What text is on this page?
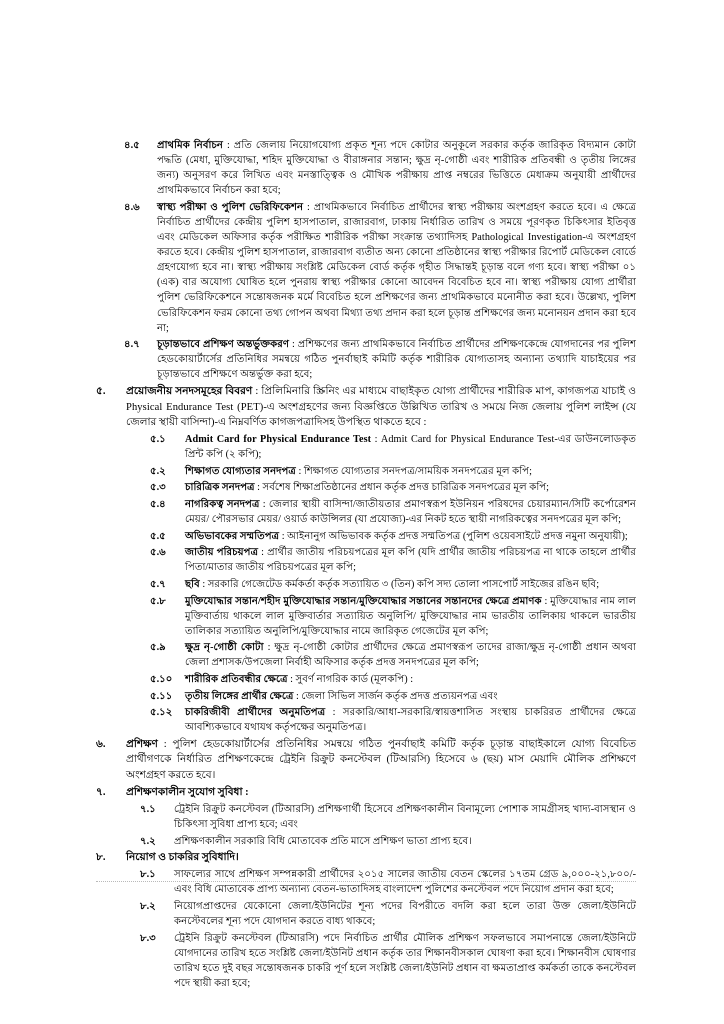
৪.৫	প্রাথমিক নির্বাচন : প্রতি জেলায় নিয়োগযোগ্য প্রকৃত শূন্য পদে কোটার অনুকূলে সরকার কর্তৃক জারিকৃত বিদ্যমান কোটা পদ্ধতি (মেধা, মুক্তিযোদ্ধা, শহিদ মুক্তিযোদ্ধা ও বীরাঙ্গনার সন্তান; ক্ষুদ্র নৃ-গোষ্ঠী এবং শারীরিক প্রতিবন্ধী ও তৃতীয় লিঙ্গের জন্য) অনুসরণ করে লিখিত এবং মনস্তাত্ত্বিক ও মৌখিক পরীক্ষায় প্রাপ্ত নম্বরের ভিত্তিতে মেধাক্রম অনুযায়ী প্রার্থীদের প্রাথমিকভাবে নির্বাচন করা হবে;
৪.৬	স্বাস্থ্য পরীক্ষা ও পুলিশ ভেরিফিকেশন : প্রাথমিকভাবে নির্বাচিত প্রার্থীদের স্বাস্থ্য পরীক্ষায় অংশগ্রহণ করতে হবে। এ ক্ষেত্রে নির্বাচিত প্রার্থীদের কেন্দ্রীয় পুলিশ হাসপাতাল, রাজারবাগ, ঢাকায় নির্ধারিত তারিখ ও সময়ে পূরণকৃত চিকিৎসার ইতিবৃত্ত এবং মেডিকেল অফিসার কর্তৃক পরীক্ষিত শারীরিক পরীক্ষা সংক্রান্ত তথ্যাদিসহ Pathological Investigation-এ অংশগ্রহণ করতে হবে। কেন্দ্রীয় পুলিশ হাসপাতাল, রাজারবাগ ব্যতীত অন্য কোনো প্রতিষ্ঠানের স্বাস্থ্য পরীক্ষার রিপোর্ট মেডিকেল বোর্ডে গ্রহণযোগ্য হবে না। স্বাস্থ্য পরীক্ষায় সংশ্লিষ্ট মেডিকেল বোর্ড কর্তৃক গৃহীত সিদ্ধান্তই চূড়ান্ত বলে গণ্য হবে। স্বাস্থ্য পরীক্ষা ০১ (এক) বার অযোগ্য ঘোষিত হলে পুনরায় স্বাস্থ্য পরীক্ষার কোনো আবেদন বিবেচিত হবে না। স্বাস্থ্য পরীক্ষায় যোগ্য প্রার্থীরা পুলিশ ভেরিফিকেশনে সন্তোষজনক মর্মে বিবেচিত হলে প্রশিক্ষণের জন্য প্রাথমিকভাবে মনোনীত করা হবে। উল্লেখ্য, পুলিশ ভেরিফিকেশন ফরম কোনো তথ্য গোপন অথবা মিথ্যা তথ্য প্রদান করা হলে চূড়ান্ত প্রশিক্ষণের জন্য মনোনয়ন প্রদান করা হবে না;
৪.৭	চূড়ান্তভাবে প্রশিক্ষণ অন্তর্ভুক্তকরণ : প্রশিক্ষণের জন্য প্রাথমিকভাবে নির্বাচিত প্রার্থীদের প্রশিক্ষণকেন্দ্রে যোগদানের পর পুলিশ হেডকোয়ার্টার্সের প্রতিনিধির সমন্বয়ে গঠিত পুনর্বাছাই কমিটি কর্তৃক শারীরিক যোগ্যতাসহ অন্যান্য তথ্যাদি যাচাইয়ের পর চূড়ান্তভাবে প্রশিক্ষণে অন্তর্ভুক্ত করা হবে;
৫.	প্রয়োজনীয় সনদসমূহের বিবরণ : প্রিলিমিনারি স্ক্রিনিং এর মাধ্যমে বাছাইকৃত যোগ্য প্রার্থীদের শারীরিক মাপ, কাগজপত্র যাচাই ও Physical Endurance Test (PET)-এ অংশগ্রহণের জন্য বিজ্ঞপ্তিতে উল্লিখিত তারিখ ও সময়ে নিজ জেলায় পুলিশ লাইন্স (যে জেলার স্থায়ী বাসিন্দা)-এ নিম্নবর্ণিত কাগজপত্রাদিসহ উপস্থিত থাকতে হবে :
৫.১	Admit Card for Physical Endurance Test : Admit Card for Physical Endurance Test-এর ডাউনলোডকৃত প্রিন্ট কপি (২ কপি);
৫.২	শিক্ষাগত যোগ্যতার সনদপত্র : শিক্ষাগত যোগ্যতার সনদপত্র/সাময়িক সনদপত্রের মূল কপি;
৫.৩	চারিত্রিক সনদপত্র : সর্বশেষ শিক্ষাপ্রতিষ্ঠানের প্রধান কর্তৃক প্রদত্ত চারিত্রিক সনদপত্রের মূল কপি;
৫.৪	নাগরিকত্ব সনদপত্র : জেলার স্থায়ী বাসিন্দা/জাতীয়তার প্রমাণস্বরূপ ইউনিয়ন পরিষদের চেয়ারম্যান/সিটি কর্পোরেশন মেয়র/ পৌরসভার মেয়র/ ওয়ার্ড কাউন্সিলর (যা প্রযোজ্য)-এর নিকট হতে স্থায়ী নাগরিকত্বের সনদপত্রের মূল কপি;
৫.৫	অভিভাবকের সম্মতিপত্র : আইনানুগ অভিভাবক কর্তৃক প্রদত্ত সম্মতিপত্র (পুলিশ ওয়েবসাইটে প্রদত্ত নমুনা অনুযায়ী);
৫.৬	জাতীয় পরিচয়পত্র : প্রার্থীর জাতীয় পরিচয়পত্রের মূল কপি (যদি প্রার্থীর জাতীয় পরিচয়পত্র না থাকে তাহলে প্রার্থীর পিতা/মাতার জাতীয় পরিচয়পত্রের মূল কপি;
৫.৭	ছবি : সরকারি গেজেটেড কর্মকর্তা কর্তৃক সত্যায়িত ৩ (তিন) কপি সদ্য তোলা পাসপোর্ট সাইজের রঙিন ছবি;
৫.৮	মুক্তিযোদ্ধার সন্তান/শহীদ মুক্তিযোদ্ধার সন্তান/মুক্তিযোদ্ধার সন্তানের সন্তানদের ক্ষেত্রে প্রমাণক : মুক্তিযোদ্ধার নাম লাল মুক্তিবার্তায় থাকলে লাল মুক্তিবার্তার সত্যায়িত অনুলিপি/ মুক্তিযোদ্ধার নাম ভারতীয় তালিকায় থাকলে ভারতীয় তালিকার সত্যায়িত অনুলিপি/মুক্তিযোদ্ধার নামে জারিকৃত গেজেটের মূল কপি;
৫.৯	ক্ষুদ্র নৃ-গোষ্ঠী কোটা : ক্ষুদ্র নৃ-গোষ্ঠী কোটার প্রার্থীদের ক্ষেত্রে প্রমাণস্বরূপ তাদের রাজা/ক্ষুদ্র নৃ-গোষ্ঠী প্রধান অথবা জেলা প্রশাসক/উপজেলা নির্বাহী অফিসার কর্তৃক প্রদত্ত সনদপত্রের মূল কপি;
৫.১০	শারীরিক প্রতিবন্ধীর ক্ষেত্রে : সুবর্ণ নাগরিক কার্ড (মূলকপি) :
৫.১১	তৃতীয় লিঙ্গের প্রার্থীর ক্ষেত্রে : জেলা সিভিল সার্জন কর্তৃক প্রদত্ত প্রত্যয়নপত্র এবং
৫.১২	চাকরিজীবী প্রার্থীদের অনুমতিপত্র : সরকারি/আধা-সরকারি/স্বায়ত্তশাসিত সংস্থায় চাকরিরত প্রার্থীদের ক্ষেত্রে আবশ্যিকভাবে যথাযথ কর্তৃপক্ষের অনুমতিপত্র।
৬.	প্রশিক্ষণ : পুলিশ হেডকোয়ার্টার্সের প্রতিনিধির সমন্বয়ে গঠিত পুনর্বাছাই কমিটি কর্তৃক চূড়ান্ত বাছাইকালে যোগ্য বিবেচিত প্রার্থীগণকে নির্ধারিত প্রশিক্ষণকেন্দ্রে ট্রেইনি রিক্রুট কনস্টেবল (টিআরসি) হিসেবে ৬ (ছয়) মাস মেয়াদি মৌলিক প্রশিক্ষণে অংশগ্রহণ করতে হবে।
৭.	প্রশিক্ষণকালীন সুযোগ সুবিধা :
৭.১	ট্রেইনি রিক্রুট কনস্টেবল (টিআরসি) প্রশিক্ষণার্থী হিসেবে প্রশিক্ষণকালীন বিনামূল্যে পোশাক সামগ্রীসহ খাদ্য-বাসস্থান ও চিকিৎসা সুবিধা প্রাপ্য হবে; এবং
৭.২	প্রশিক্ষণকালীন সরকারি বিধি মোতাবেক প্রতি মাসে প্রশিক্ষণ ভাতা প্রাপ্য হবে।
৮.	নিয়োগ ও চাকরির সুবিধাদি।
৮.১	সাফল্যের সাথে প্রশিক্ষণ সম্পন্নকারী প্রার্থীদের ২০১৫ সালের জাতীয় বেতন স্কেলের ১৭তম গ্রেড ৯,০০০-২১,৮০০/- এবং বিধি মোতাবেক প্রাপ্য অন্যান্য বেতন-ভাতাদিসহ বাংলাদেশ পুলিশের কনস্টেবল পদে নিয়োগ প্রদান করা হবে;
৮.২	নিয়োগপ্রাপ্তদের যেকোনো জেলা/ইউনিটের শূন্য পদের বিপরীতে বদলি করা হলে তারা উক্ত জেলা/ইউনিটে কনস্টেবলের শূন্য পদে যোগদান করতে বাধ্য থাকবে;
৮.৩	ট্রেইনি রিক্রুট কনস্টেবল (টিআরসি) পদে নির্বাচিত প্রার্থীর মৌলিক প্রশিক্ষণ সফলভাবে সমাপনান্তে জেলা/ইউনিটে যোগদানের তারিখ হতে সংশ্লিষ্ট জেলা/ইউনিট প্রধান কর্তৃক তার শিক্ষানবীসকাল ঘোষণা করা হবে। শিক্ষানবীস ঘোষণার তারিখ হতে দুই বছর সন্তোষজনক চাকরি পূর্ণ হলে সংশ্লিষ্ট জেলা/ইউনিট প্রধান বা ক্ষমতাপ্রাপ্ত কর্মকর্তা তাকে কনস্টেবল পদে স্থায়ী করা হবে;
